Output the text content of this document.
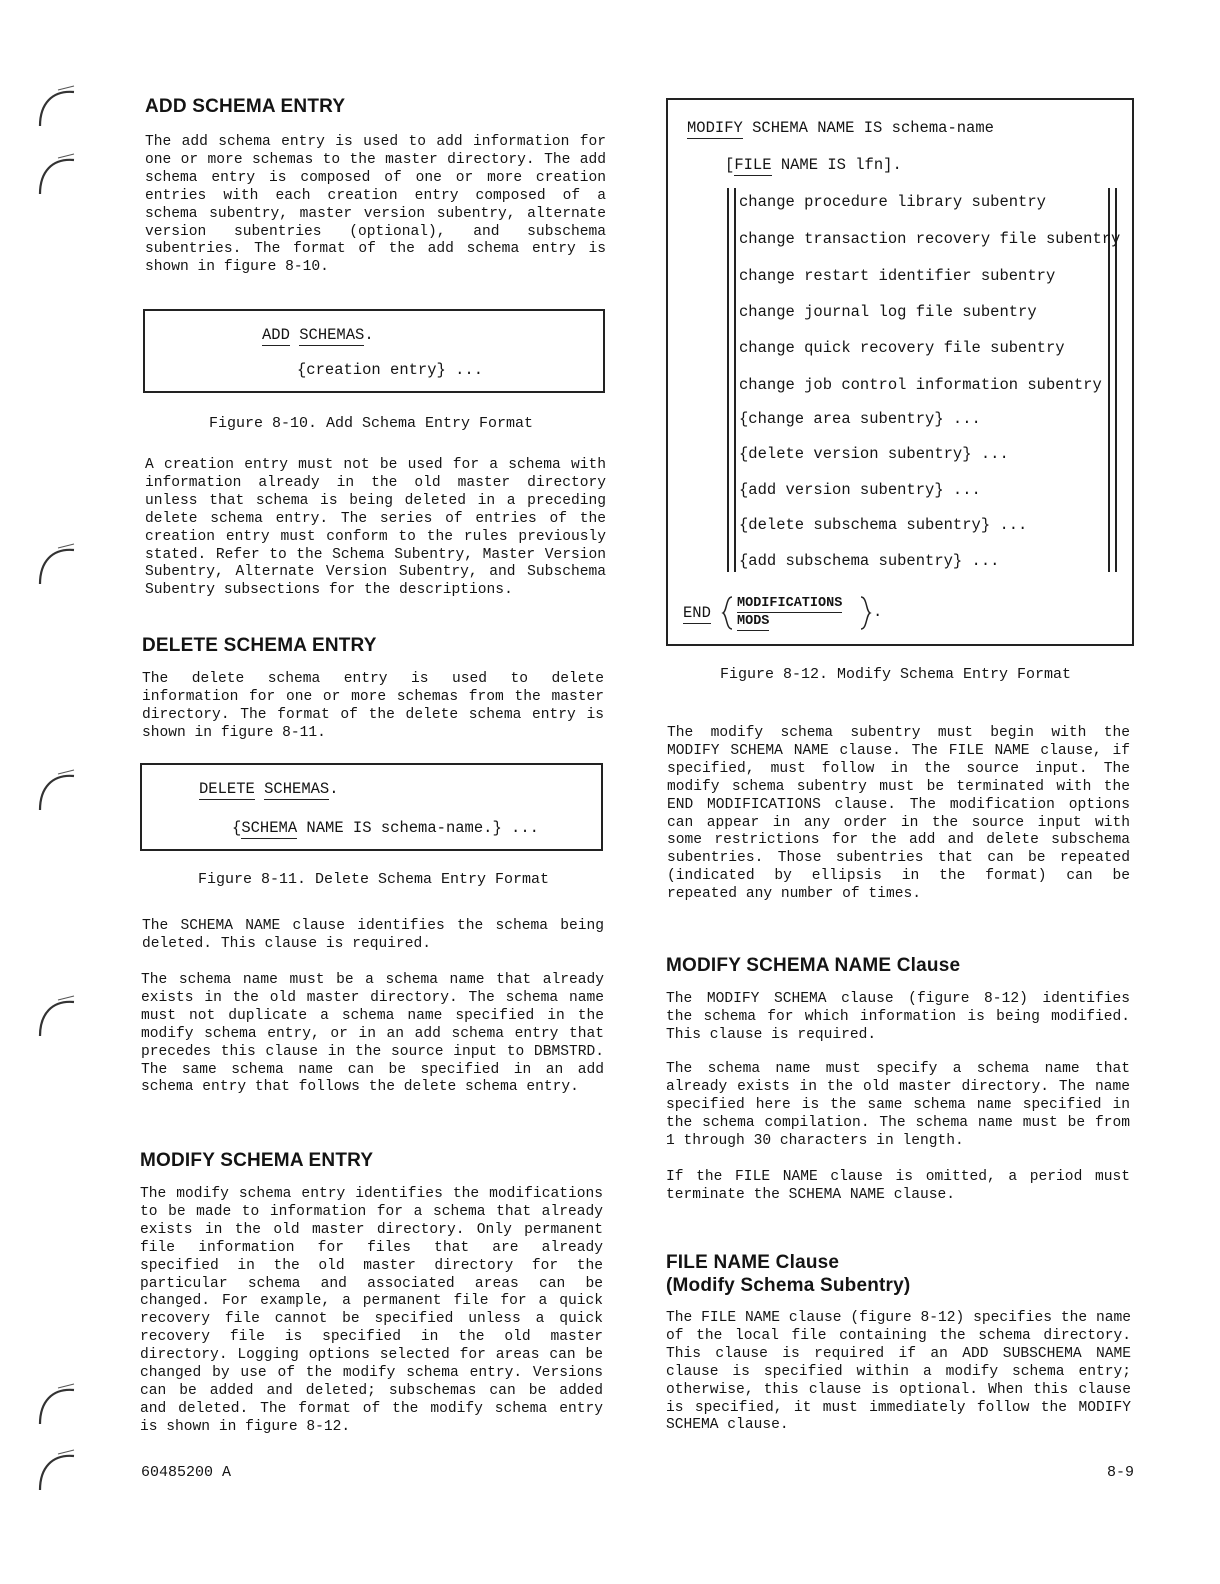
ADD SCHEMA ENTRY

The add schema entry is used to add information for one or more schemas to the master directory. The add schema entry is composed of one or more creation entries with each creation entry composed of a schema subentry, master version subentry, alternate version subentries (optional), and subschema subentries. The format of the add schema entry is shown in figure 8-10.

ADD SCHEMAS.
{creation entry} ...

Figure 8-10. Add Schema Entry Format

A creation entry must not be used for a schema with information already in the old master directory unless that schema is being deleted in a preceding delete schema entry. The series of entries of the creation entry must conform to the rules previously stated. Refer to the Schema Subentry, Master Version Subentry, Alternate Version Subentry, and Subschema Subentry subsections for the descriptions.

DELETE SCHEMA ENTRY

The delete schema entry is used to delete information for one or more schemas from the master directory. The format of the delete schema entry is shown in figure 8-11.

DELETE SCHEMAS.
{SCHEMA NAME IS schema-name.} ...

Figure 8-11. Delete Schema Entry Format

The SCHEMA NAME clause identifies the schema being deleted. This clause is required.

The schema name must be a schema name that already exists in the old master directory. The schema name must not duplicate a schema name specified in the modify schema entry, or in an add schema entry that precedes this clause in the source input to DBMSTRD. The same schema name can be specified in an add schema entry that follows the delete schema entry.

MODIFY SCHEMA ENTRY

The modify schema entry identifies the modifications to be made to information for a schema that already exists in the old master directory. Only permanent file information for files that are already specified in the old master directory for the particular schema and associated areas can be changed. For example, a permanent file for a quick recovery file cannot be specified unless a quick recovery file is specified in the old master directory. Logging options selected for areas can be changed by use of the modify schema entry. Versions can be added and deleted; subschemas can be added and deleted. The format of the modify schema entry is shown in figure 8-12.

MODIFY SCHEMA NAME IS schema-name
[FILE NAME IS lfn].
change procedure library subentry
change transaction recovery file subentry
change restart identifier subentry
change journal log file subentry
change quick recovery file subentry
change job control information subentry
{change area subentry} ...
{delete version subentry} ...
{add version subentry} ...
{delete subschema subentry} ...
{add subschema subentry} ...
END
MODIFICATIONS
MODS
.

Figure 8-12. Modify Schema Entry Format

The modify schema subentry must begin with the MODIFY SCHEMA NAME clause. The FILE NAME clause, if specified, must follow in the source input. The modify schema subentry must be terminated with the END MODIFICATIONS clause. The modification options can appear in any order in the source input with some restrictions for the add and delete subschema subentries. Those subentries that can be repeated (indicated by ellipsis in the format) can be repeated any number of times.

MODIFY SCHEMA NAME Clause

The MODIFY SCHEMA clause (figure 8-12) identifies the schema for which information is being modified. This clause is required.

The schema name must specify a schema name that already exists in the old master directory. The name specified here is the same schema name specified in the schema compilation. The schema name must be from 1 through 30 characters in length.

If the FILE NAME clause is omitted, a period must terminate the SCHEMA NAME clause.

FILE NAME Clause
(Modify Schema Subentry)

The FILE NAME clause (figure 8-12) specifies the name of the local file containing the schema directory. This clause is required if an ADD SUBSCHEMA NAME clause is specified within a modify schema entry; otherwise, this clause is optional. When this clause is specified, it must immediately follow the MODIFY SCHEMA clause.

60485200 A	8-9
